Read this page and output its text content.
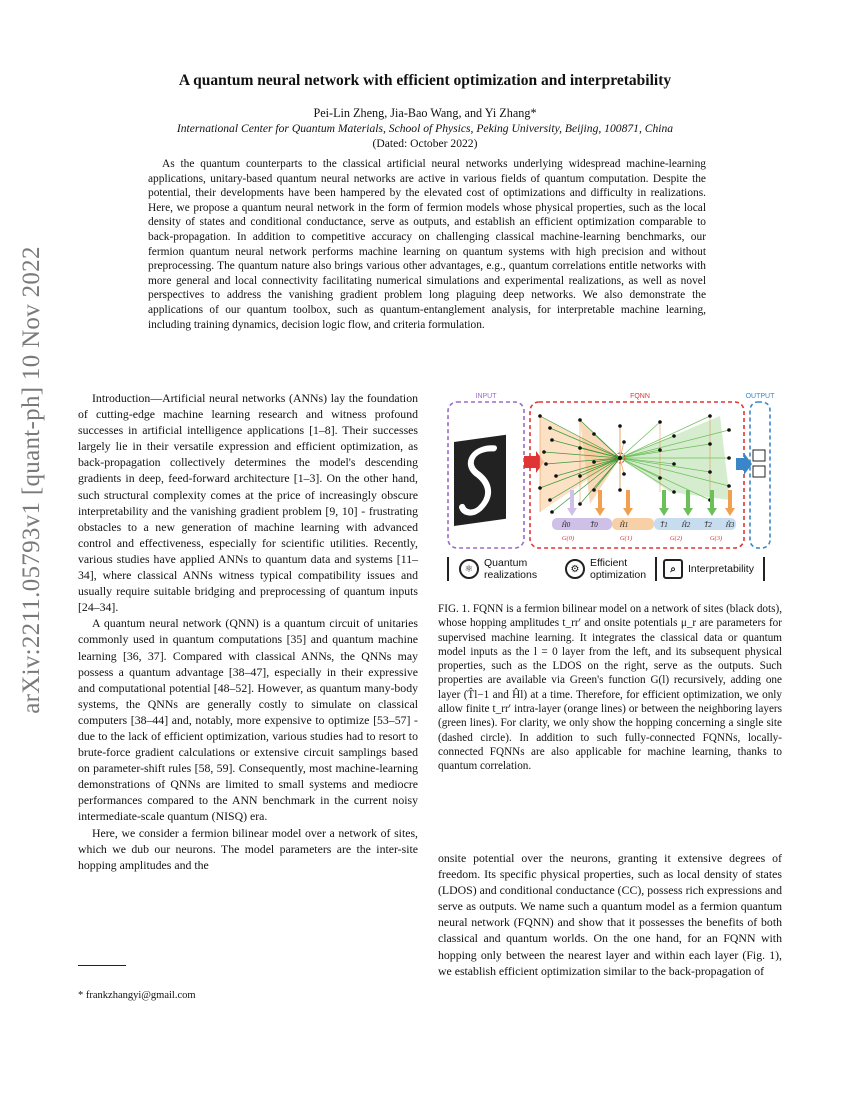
arXiv:2211.05793v1 [quant-ph] 10 Nov 2022
A quantum neural network with efficient optimization and interpretability
Pei-Lin Zheng, Jia-Bao Wang, and Yi Zhang*
International Center for Quantum Materials, School of Physics, Peking University, Beijing, 100871, China
(Dated: October 2022)
As the quantum counterparts to the classical artificial neural networks underlying widespread machine-learning applications, unitary-based quantum neural networks are active in various fields of quantum computation. Despite the potential, their developments have been hampered by the elevated cost of optimizations and difficulty in realizations. Here, we propose a quantum neural network in the form of fermion models whose physical properties, such as the local density of states and conditional conductance, serve as outputs, and establish an efficient optimization comparable to back-propagation. In addition to competitive accuracy on challenging classical machine-learning benchmarks, our fermion quantum neural network performs machine learning on quantum systems with high precision and without preprocessing. The quantum nature also brings various other advantages, e.g., quantum correlations entitle networks with more general and local connectivity facilitating numerical simulations and experimental realizations, as well as novel perspectives to address the vanishing gradient problem long plaguing deep networks. We also demonstrate the applications of our quantum toolbox, such as quantum-entanglement analysis, for interpretable machine learning, including training dynamics, decision logic flow, and criteria formulation.

Introduction—Artificial neural networks (ANNs) lay the foundation of cutting-edge machine learning research and witness profound successes in artificial intelligence applications [1–8]. Their successes largely lie in their versatile expression and efficient optimization, as back-propagation collectively determines the model's descending gradients in deep, feed-forward architecture [1–3]. On the other hand, such structural complexity comes at the price of increasingly obscure interpretability and the vanishing gradient problem [9, 10] - frustrating obstacles to a new generation of machine learning with advanced control and effectiveness, especially for scientific utilities. Recently, various studies have applied ANNs to quantum data and systems [11–34], where classical ANNs witness typical compatibility issues and usually require suitable bridging and preprocessing of quantum inputs [24–34].

A quantum neural network (QNN) is a quantum circuit of unitaries commonly used in quantum computations [35] and quantum machine learning [36, 37]. Compared with classical ANNs, the QNNs may possess a quantum advantage [38–47], especially in their expressive and computational potential [48–52]. However, as quantum many-body systems, the QNNs are generally costly to simulate on classical computers [38–44] and, notably, more expensive to optimize [53–57] - due to the lack of efficient optimization, various studies had to resort to brute-force gradient calculations or extensive circuit samplings based on parameter-shift rules [58, 59]. Consequently, most machine-learning demonstrations of QNNs are limited to small systems and mediocre performances compared to the ANN benchmark in the current noisy intermediate-scale quantum (NISQ) era.

Here, we consider a fermion bilinear model over a network of sites, which we dub our neurons. The model parameters are the inter-site hopping amplitudes and the

* frankzhangyi@gmail.com
INPUT	FQNN	OUTPUT
Ĥ0	T̂0	Ĥ1	T̂1 Ĥ2 T̂2 Ĥ3
G(0)	G(1)	G(2)	G(3)
⚛	Quantum realizations	⚙	Efficient optimization	⌕	Interpretability
FIG. 1. FQNN is a fermion bilinear model on a network of sites (black dots), whose hopping amplitudes t_rr′ and onsite potentials μ_r are parameters for supervised machine learning. It integrates the classical data or quantum model inputs as the l = 0 layer from the left, and its subsequent physical properties, such as the LDOS on the right, serve as the outputs. Such properties are available via Green's function G(l) recursively, adding one layer (T̂l−1 and Ĥl) at a time. Therefore, for efficient optimization, we only allow finite t_rr′ intra-layer (orange lines) or between the neighboring layers (green lines). For clarity, we only show the hopping concerning a single site (dashed circle). In addition to such fully-connected FQNNs, locally-connected FQNNs are also applicable for machine learning, thanks to quantum correlation.

onsite potential over the neurons, granting it extensive degrees of freedom. Its specific physical properties, such as local density of states (LDOS) and conditional conductance (CC), possess rich expressions and serve as outputs. We name such a quantum model as a fermion quantum neural network (FQNN) and show that it possesses the benefits of both classical and quantum worlds. On the one hand, for an FQNN with hopping only between the nearest layer and within each layer (Fig. 1), we establish efficient optimization similar to the back-propagation of
